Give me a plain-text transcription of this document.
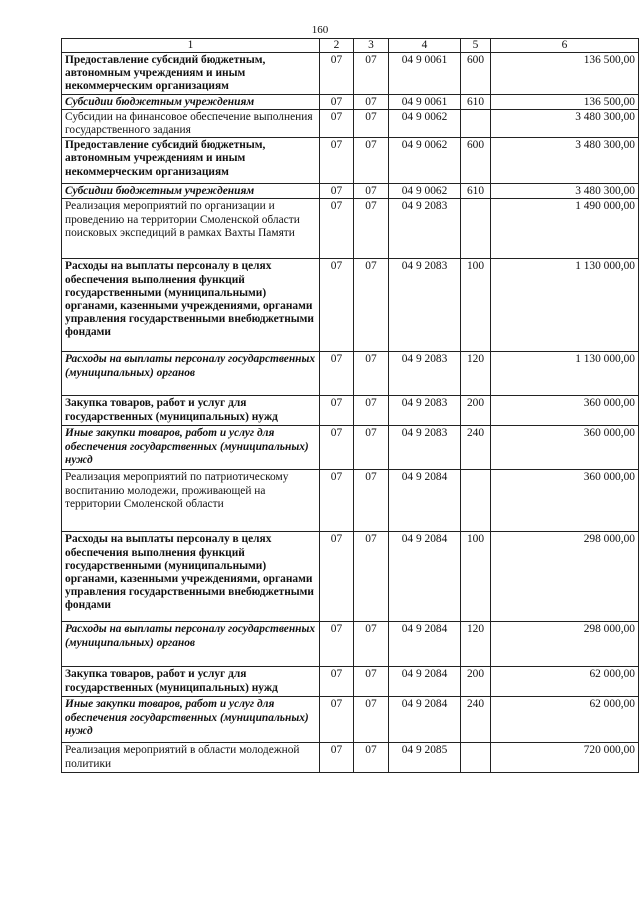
160
1	2	3	4	5	6
Предоставление субсидий бюджетным, автономным учреждениям и иным некоммерческим организациям	07	07	04 9 0061	600	136 500,00
Субсидии бюджетным учреждениям	07	07	04 9 0061	610	136 500,00
Субсидии на финансовое обеспечение выполнения государственного задания	07	07	04 9 0062		3 480 300,00
Предоставление субсидий бюджетным, автономным учреждениям и иным некоммерческим организациям	07	07	04 9 0062	600	3 480 300,00
Субсидии бюджетным учреждениям	07	07	04 9 0062	610	3 480 300,00
Реализация мероприятий по организации и проведению на территории Смоленской области поисковых экспедиций в рамках Вахты Памяти	07	07	04 9 2083		1 490 000,00
Расходы на выплаты персоналу в целях обеспечения выполнения функций государственными (муниципальными) органами, казенными учреждениями, органами управления государственными внебюджетными фондами	07	07	04 9 2083	100	1 130 000,00
Расходы на выплаты персоналу государственных (муниципальных) органов	07	07	04 9 2083	120	1 130 000,00
Закупка товаров, работ и услуг для государственных (муниципальных) нужд	07	07	04 9 2083	200	360 000,00
Иные закупки товаров, работ и услуг для обеспечения государственных (муниципальных) нужд	07	07	04 9 2083	240	360 000,00
Реализация мероприятий по патриотическому воспитанию молодежи, проживающей на территории Смоленской области	07	07	04 9 2084		360 000,00
Расходы на выплаты персоналу в целях обеспечения выполнения функций государственными (муниципальными) органами, казенными учреждениями, органами управления государственными внебюджетными фондами	07	07	04 9 2084	100	298 000,00
Расходы на выплаты персоналу государственных (муниципальных) органов	07	07	04 9 2084	120	298 000,00
Закупка товаров, работ и услуг для государственных (муниципальных) нужд	07	07	04 9 2084	200	62 000,00
Иные закупки товаров, работ и услуг для обеспечения государственных (муниципальных) нужд	07	07	04 9 2084	240	62 000,00
Реализация мероприятий в области молодежной политики	07	07	04 9 2085		720 000,00
